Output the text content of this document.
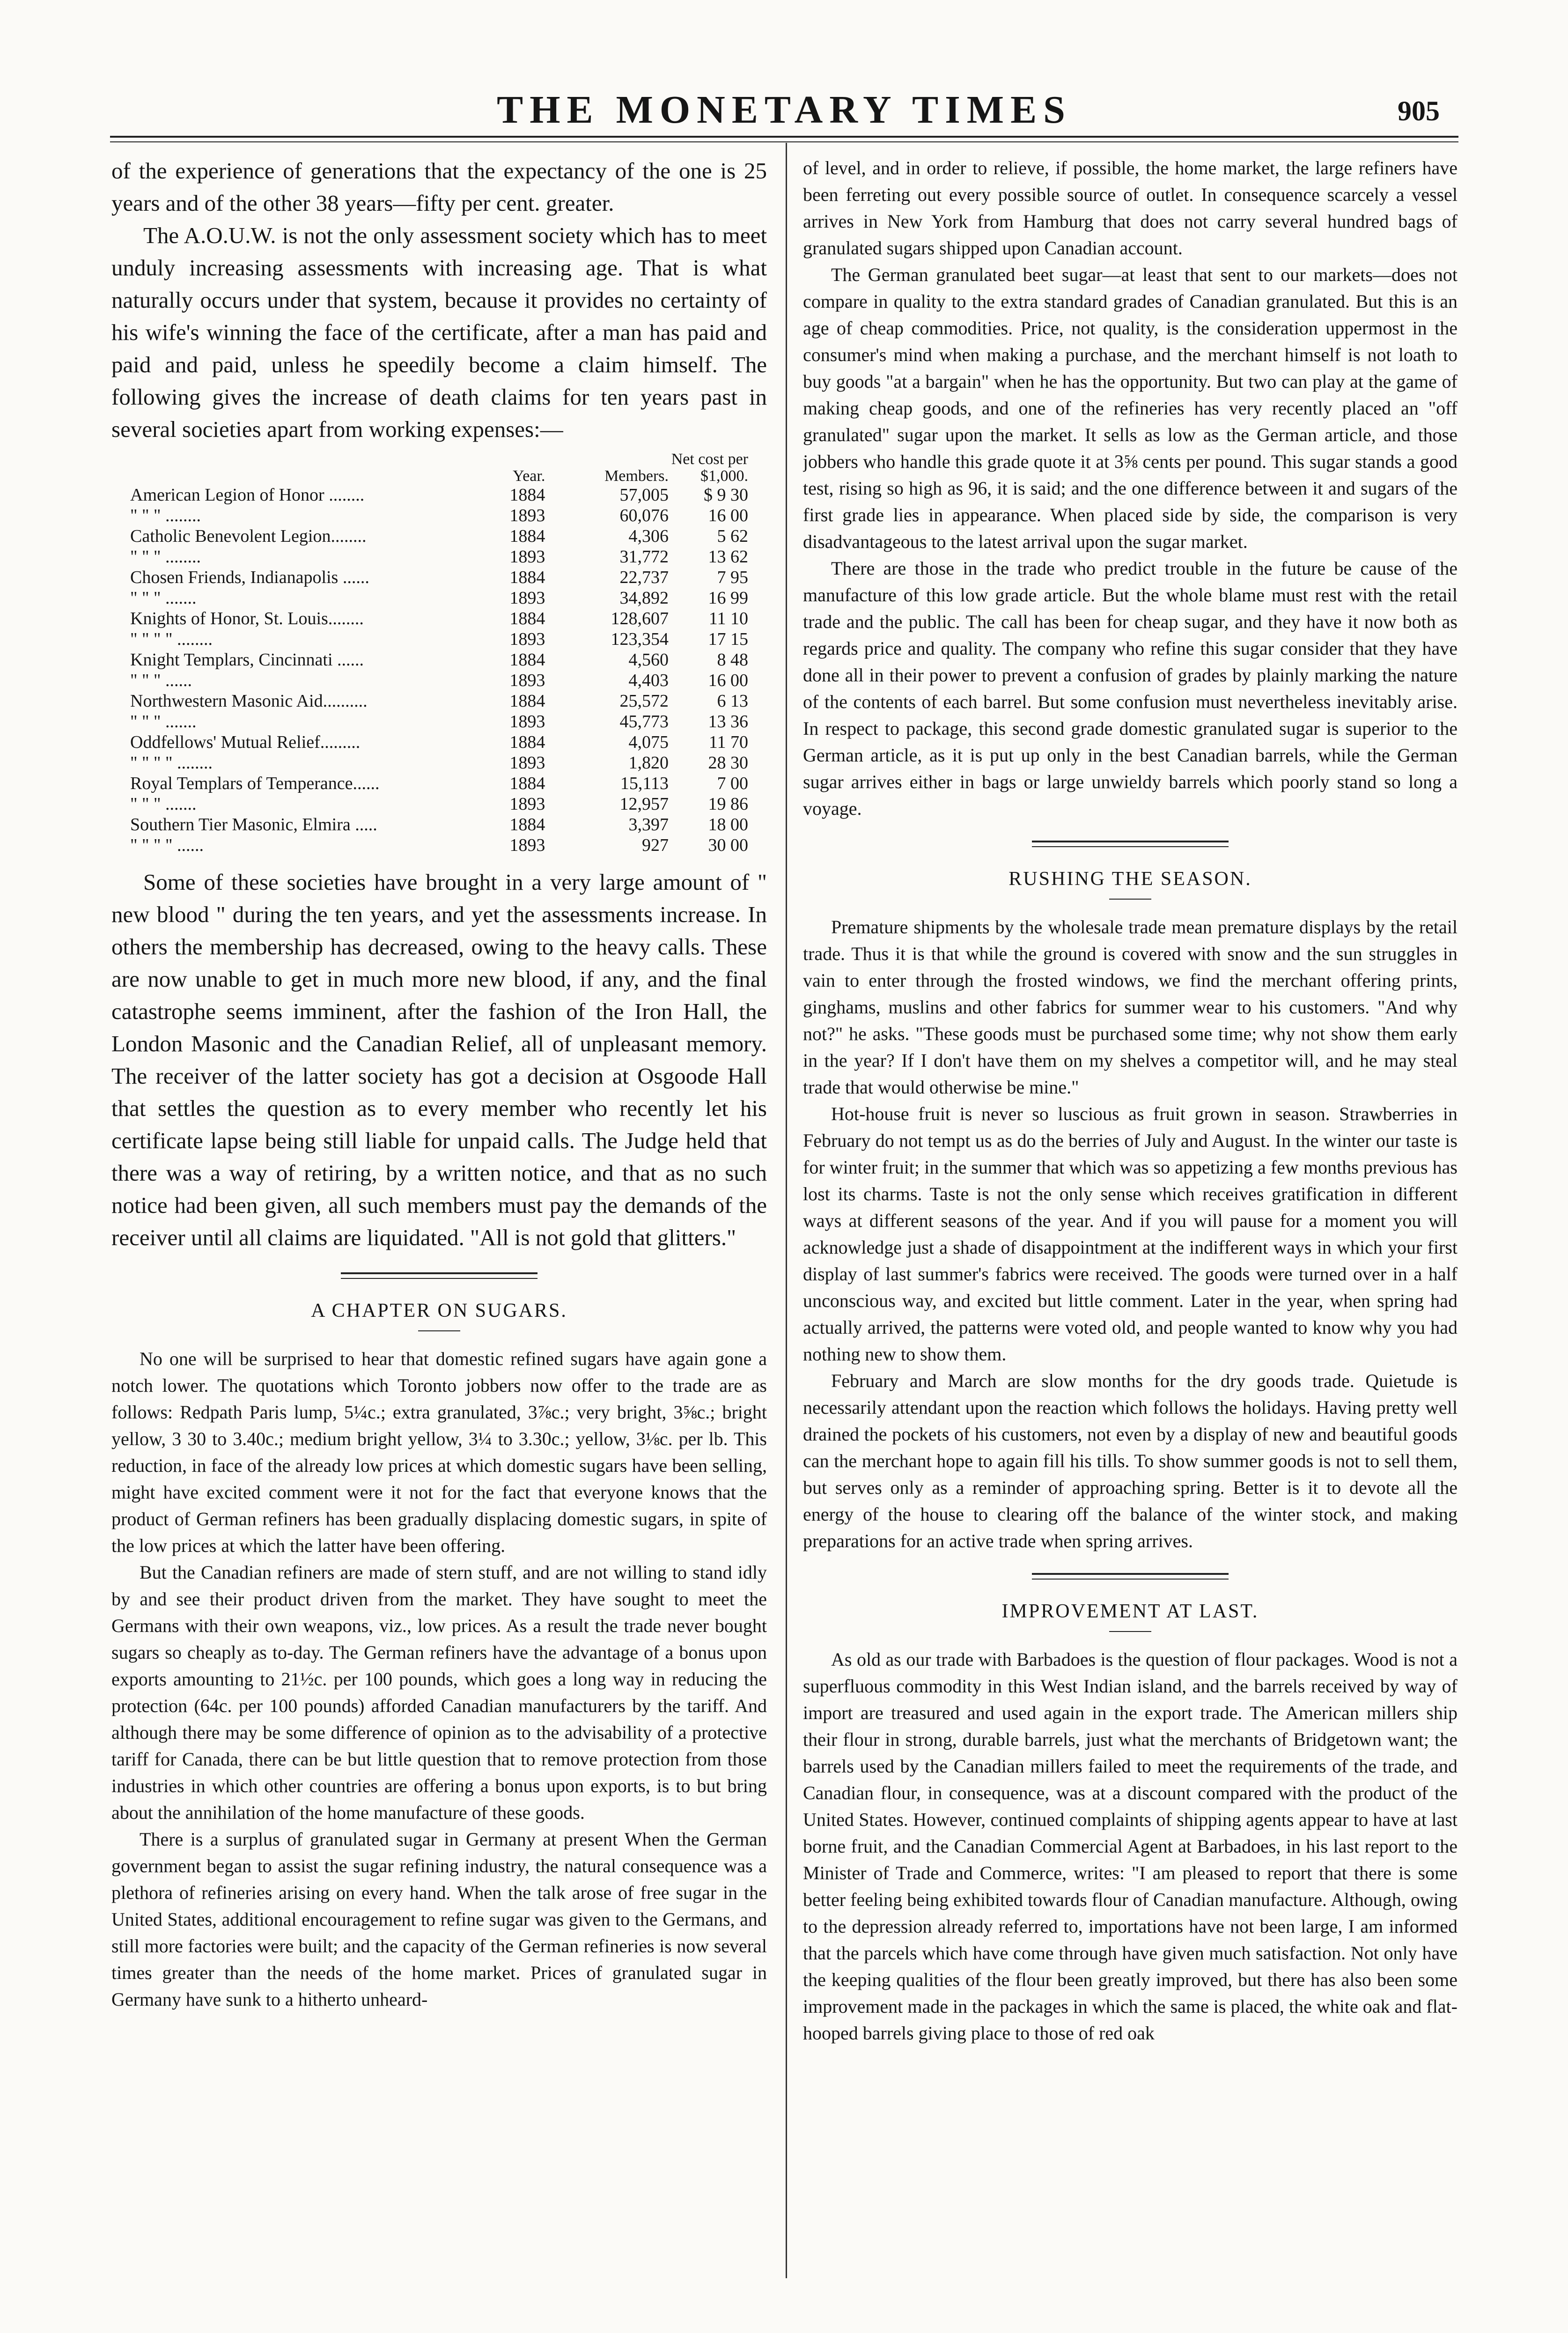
THE MONETARY TIMES	905

of the experience of generations that the expectancy of the one is 25 years and of the other 38 years—fifty per cent. greater.

The A.O.U.W. is not the only assessment society which has to meet unduly increasing assessments with increasing age. That is what naturally occurs under that system, because it provides no certainty of his wife's winning the face of the certificate, after a man has paid and paid and paid, unless he speedily become a claim himself. The following gives the increase of death claims for ten years past in several societies apart from working expenses:—

	Year.	Members.	Net cost per $1,000.
American Legion of Honor ........	1884	57,005	$ 9 30
" " " ........	1893	60,076	16 00
Catholic Benevolent Legion........	1884	4,306	5 62
" " " ........	1893	31,772	13 62
Chosen Friends, Indianapolis ......	1884	22,737	7 95
" " " .......	1893	34,892	16 99
Knights of Honor, St. Louis........	1884	128,607	11 10
" " " " ........	1893	123,354	17 15
Knight Templars, Cincinnati ......	1884	4,560	8 48
" " " ......	1893	4,403	16 00
Northwestern Masonic Aid..........	1884	25,572	6 13
" " " .......	1893	45,773	13 36
Oddfellows' Mutual Relief.........	1884	4,075	11 70
" " " " ........	1893	1,820	28 30
Royal Templars of Temperance......	1884	15,113	7 00
" " " .......	1893	12,957	19 86
Southern Tier Masonic, Elmira .....	1884	3,397	18 00
" " " " ......	1893	927	30 00

Some of these societies have brought in a very large amount of " new blood " during the ten years, and yet the assessments increase. In others the membership has decreased, owing to the heavy calls. These are now unable to get in much more new blood, if any, and the final catastrophe seems imminent, after the fashion of the Iron Hall, the London Masonic and the Canadian Relief, all of unpleasant memory. The receiver of the latter society has got a decision at Osgoode Hall that settles the question as to every member who recently let his certificate lapse being still liable for unpaid calls. The Judge held that there was a way of retiring, by a written notice, and that as no such notice had been given, all such members must pay the demands of the receiver until all claims are liquidated. "All is not gold that glitters."

A CHAPTER ON SUGARS.

No one will be surprised to hear that domestic refined sugars have again gone a notch lower. The quotations which Toronto jobbers now offer to the trade are as follows: Redpath Paris lump, 5¼c.; extra granulated, 3⅞c.; very bright, 3⅝c.; bright yellow, 3 30 to 3.40c.; medium bright yellow, 3¼ to 3.30c.; yellow, 3⅛c. per lb. This reduction, in face of the already low prices at which domestic sugars have been selling, might have excited comment were it not for the fact that everyone knows that the product of German refiners has been gradually displacing domestic sugars, in spite of the low prices at which the latter have been offering.

But the Canadian refiners are made of stern stuff, and are not willing to stand idly by and see their product driven from the market. They have sought to meet the Germans with their own weapons, viz., low prices. As a result the trade never bought sugars so cheaply as to-day. The German refiners have the advantage of a bonus upon exports amounting to 21½c. per 100 pounds, which goes a long way in reducing the protection (64c. per 100 pounds) afforded Canadian manufacturers by the tariff. And although there may be some difference of opinion as to the advisability of a protective tariff for Canada, there can be but little question that to remove protection from those industries in which other countries are offering a bonus upon exports, is to but bring about the annihilation of the home manufacture of these goods.

There is a surplus of granulated sugar in Germany at present When the German government began to assist the sugar refining industry, the natural consequence was a plethora of refineries arising on every hand. When the talk arose of free sugar in the United States, additional encouragement to refine sugar was given to the Germans, and still more factories were built; and the capacity of the German refineries is now several times greater than the needs of the home market. Prices of granulated sugar in Germany have sunk to a hitherto unheard-

of level, and in order to relieve, if possible, the home market, the large refiners have been ferreting out every possible source of outlet. In consequence scarcely a vessel arrives in New York from Hamburg that does not carry several hundred bags of granulated sugars shipped upon Canadian account.

The German granulated beet sugar—at least that sent to our markets—does not compare in quality to the extra standard grades of Canadian granulated. But this is an age of cheap commodities. Price, not quality, is the consideration uppermost in the consumer's mind when making a purchase, and the merchant himself is not loath to buy goods "at a bargain" when he has the opportunity. But two can play at the game of making cheap goods, and one of the refineries has very recently placed an "off granulated" sugar upon the market. It sells as low as the German article, and those jobbers who handle this grade quote it at 3⅝ cents per pound. This sugar stands a good test, rising so high as 96, it is said; and the one difference between it and sugars of the first grade lies in appearance. When placed side by side, the comparison is very disadvantageous to the latest arrival upon the sugar market.

There are those in the trade who predict trouble in the future be cause of the manufacture of this low grade article. But the whole blame must rest with the retail trade and the public. The call has been for cheap sugar, and they have it now both as regards price and quality. The company who refine this sugar consider that they have done all in their power to prevent a confusion of grades by plainly marking the nature of the contents of each barrel. But some confusion must nevertheless inevitably arise. In respect to package, this second grade domestic granulated sugar is superior to the German article, as it is put up only in the best Canadian barrels, while the German sugar arrives either in bags or large unwieldy barrels which poorly stand so long a voyage.

RUSHING THE SEASON.

Premature shipments by the wholesale trade mean premature displays by the retail trade. Thus it is that while the ground is covered with snow and the sun struggles in vain to enter through the frosted windows, we find the merchant offering prints, ginghams, muslins and other fabrics for summer wear to his customers. "And why not?" he asks. "These goods must be purchased some time; why not show them early in the year? If I don't have them on my shelves a competitor will, and he may steal trade that would otherwise be mine."

Hot-house fruit is never so luscious as fruit grown in season. Strawberries in February do not tempt us as do the berries of July and August. In the winter our taste is for winter fruit; in the summer that which was so appetizing a few months previous has lost its charms. Taste is not the only sense which receives gratification in different ways at different seasons of the year. And if you will pause for a moment you will acknowledge just a shade of disappointment at the indifferent ways in which your first display of last summer's fabrics were received. The goods were turned over in a half unconscious way, and excited but little comment. Later in the year, when spring had actually arrived, the patterns were voted old, and people wanted to know why you had nothing new to show them.

February and March are slow months for the dry goods trade. Quietude is necessarily attendant upon the reaction which follows the holidays. Having pretty well drained the pockets of his customers, not even by a display of new and beautiful goods can the merchant hope to again fill his tills. To show summer goods is not to sell them, but serves only as a reminder of approaching spring. Better is it to devote all the energy of the house to clearing off the balance of the winter stock, and making preparations for an active trade when spring arrives.

IMPROVEMENT AT LAST.

As old as our trade with Barbadoes is the question of flour packages. Wood is not a superfluous commodity in this West Indian island, and the barrels received by way of import are treasured and used again in the export trade. The American millers ship their flour in strong, durable barrels, just what the merchants of Bridgetown want; the barrels used by the Canadian millers failed to meet the requirements of the trade, and Canadian flour, in consequence, was at a discount compared with the product of the United States. However, continued complaints of shipping agents appear to have at last borne fruit, and the Canadian Commercial Agent at Barbadoes, in his last report to the Minister of Trade and Commerce, writes: "I am pleased to report that there is some better feeling being exhibited towards flour of Canadian manufacture. Although, owing to the depression already referred to, importations have not been large, I am informed that the parcels which have come through have given much satisfaction. Not only have the keeping qualities of the flour been greatly improved, but there has also been some improvement made in the packages in which the same is placed, the white oak and flat-hooped barrels giving place to those of red oak
